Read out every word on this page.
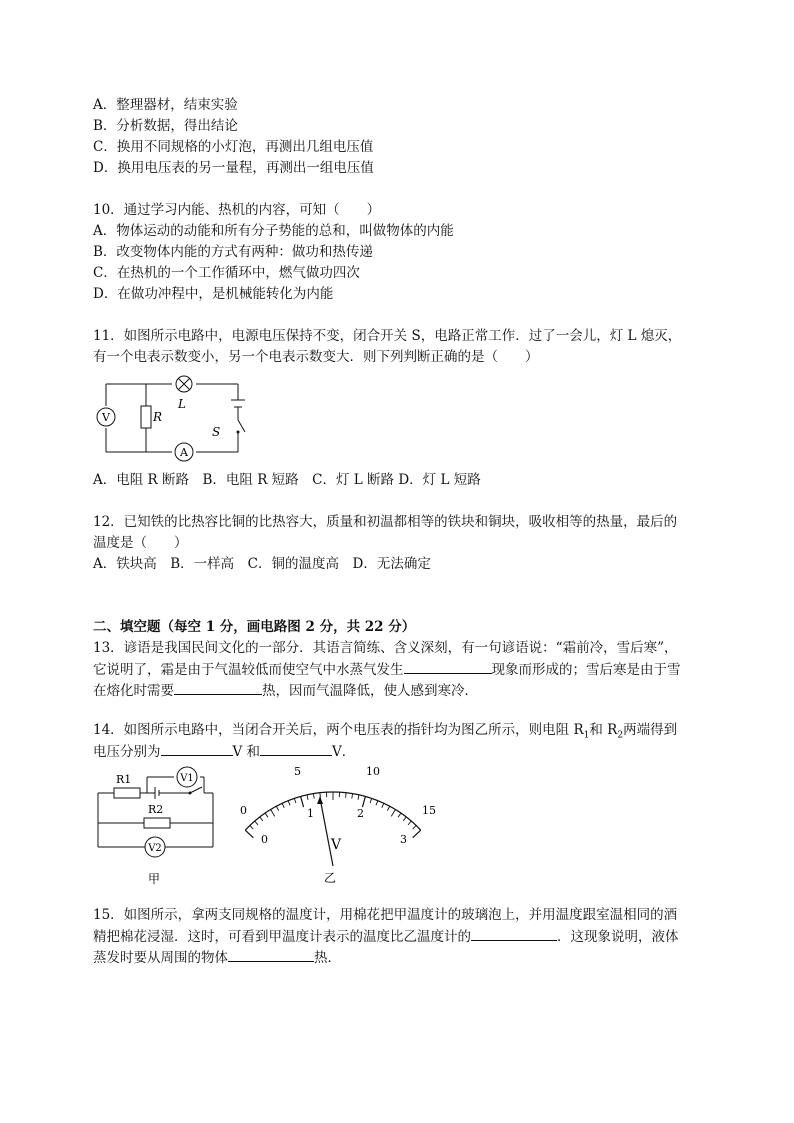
A．整理器材，结束实验
B．分析数据，得出结论
C．换用不同规格的小灯泡，再测出几组电压值
D．换用电压表的另一量程，再测出一组电压值
10．通过学习内能、热机的内容，可知（　　）
A．物体运动的动能和所有分子势能的总和，叫做物体的内能
B．改变物体内能的方式有两种：做功和热传递
C．在热机的一个工作循环中，燃气做功四次
D．在做功冲程中，是机械能转化为内能
11．如图所示电路中，电源电压保持不变，闭合开关 S，电路正常工作．过了一会儿，灯 L 熄灭，
有一个电表示数变小，另一个电表示数变大．则下列判断正确的是（　　）
V
A
L
R
S
A．电阻 R 断路　B．电阻 R 短路　C．灯 L 断路 D．灯 L 短路
12．已知铁的比热容比铜的比热容大，质量和初温都相等的铁块和铜块，吸收相等的热量，最后的
温度是（　　）
A．铁块高　B．一样高　C．铜的温度高　D．无法确定
二、填空题（每空 1 分，画电路图 2 分，共 22 分）
13．谚语是我国民间文化的一部分．其语言简练、含义深刻，有一句谚语说：“霜前冷，雪后寒”，
它说明了，霜是由于气温较低而使空气中水蒸气发生	现象而形成的；雪后寒是由于雪
在熔化时需要	热，因而气温降低，使人感到寒冷．
14．如图所示电路中，当闭合开关后，两个电压表的指针均为图乙所示，则电阻 $R_1$和 $R_2$两端得到
电压分别为	V 和	V．
R1
R2
V1
V2
甲
0
5	10
15
0
1	2
3
V
乙
15．如图所示，拿两支同规格的温度计，用棉花把甲温度计的玻璃泡上，并用温度跟室温相同的酒
精把棉花浸湿．这时，可看到甲温度计表示的温度比乙温度计的	．这现象说明，液体
蒸发时要从周围的物体	热．
